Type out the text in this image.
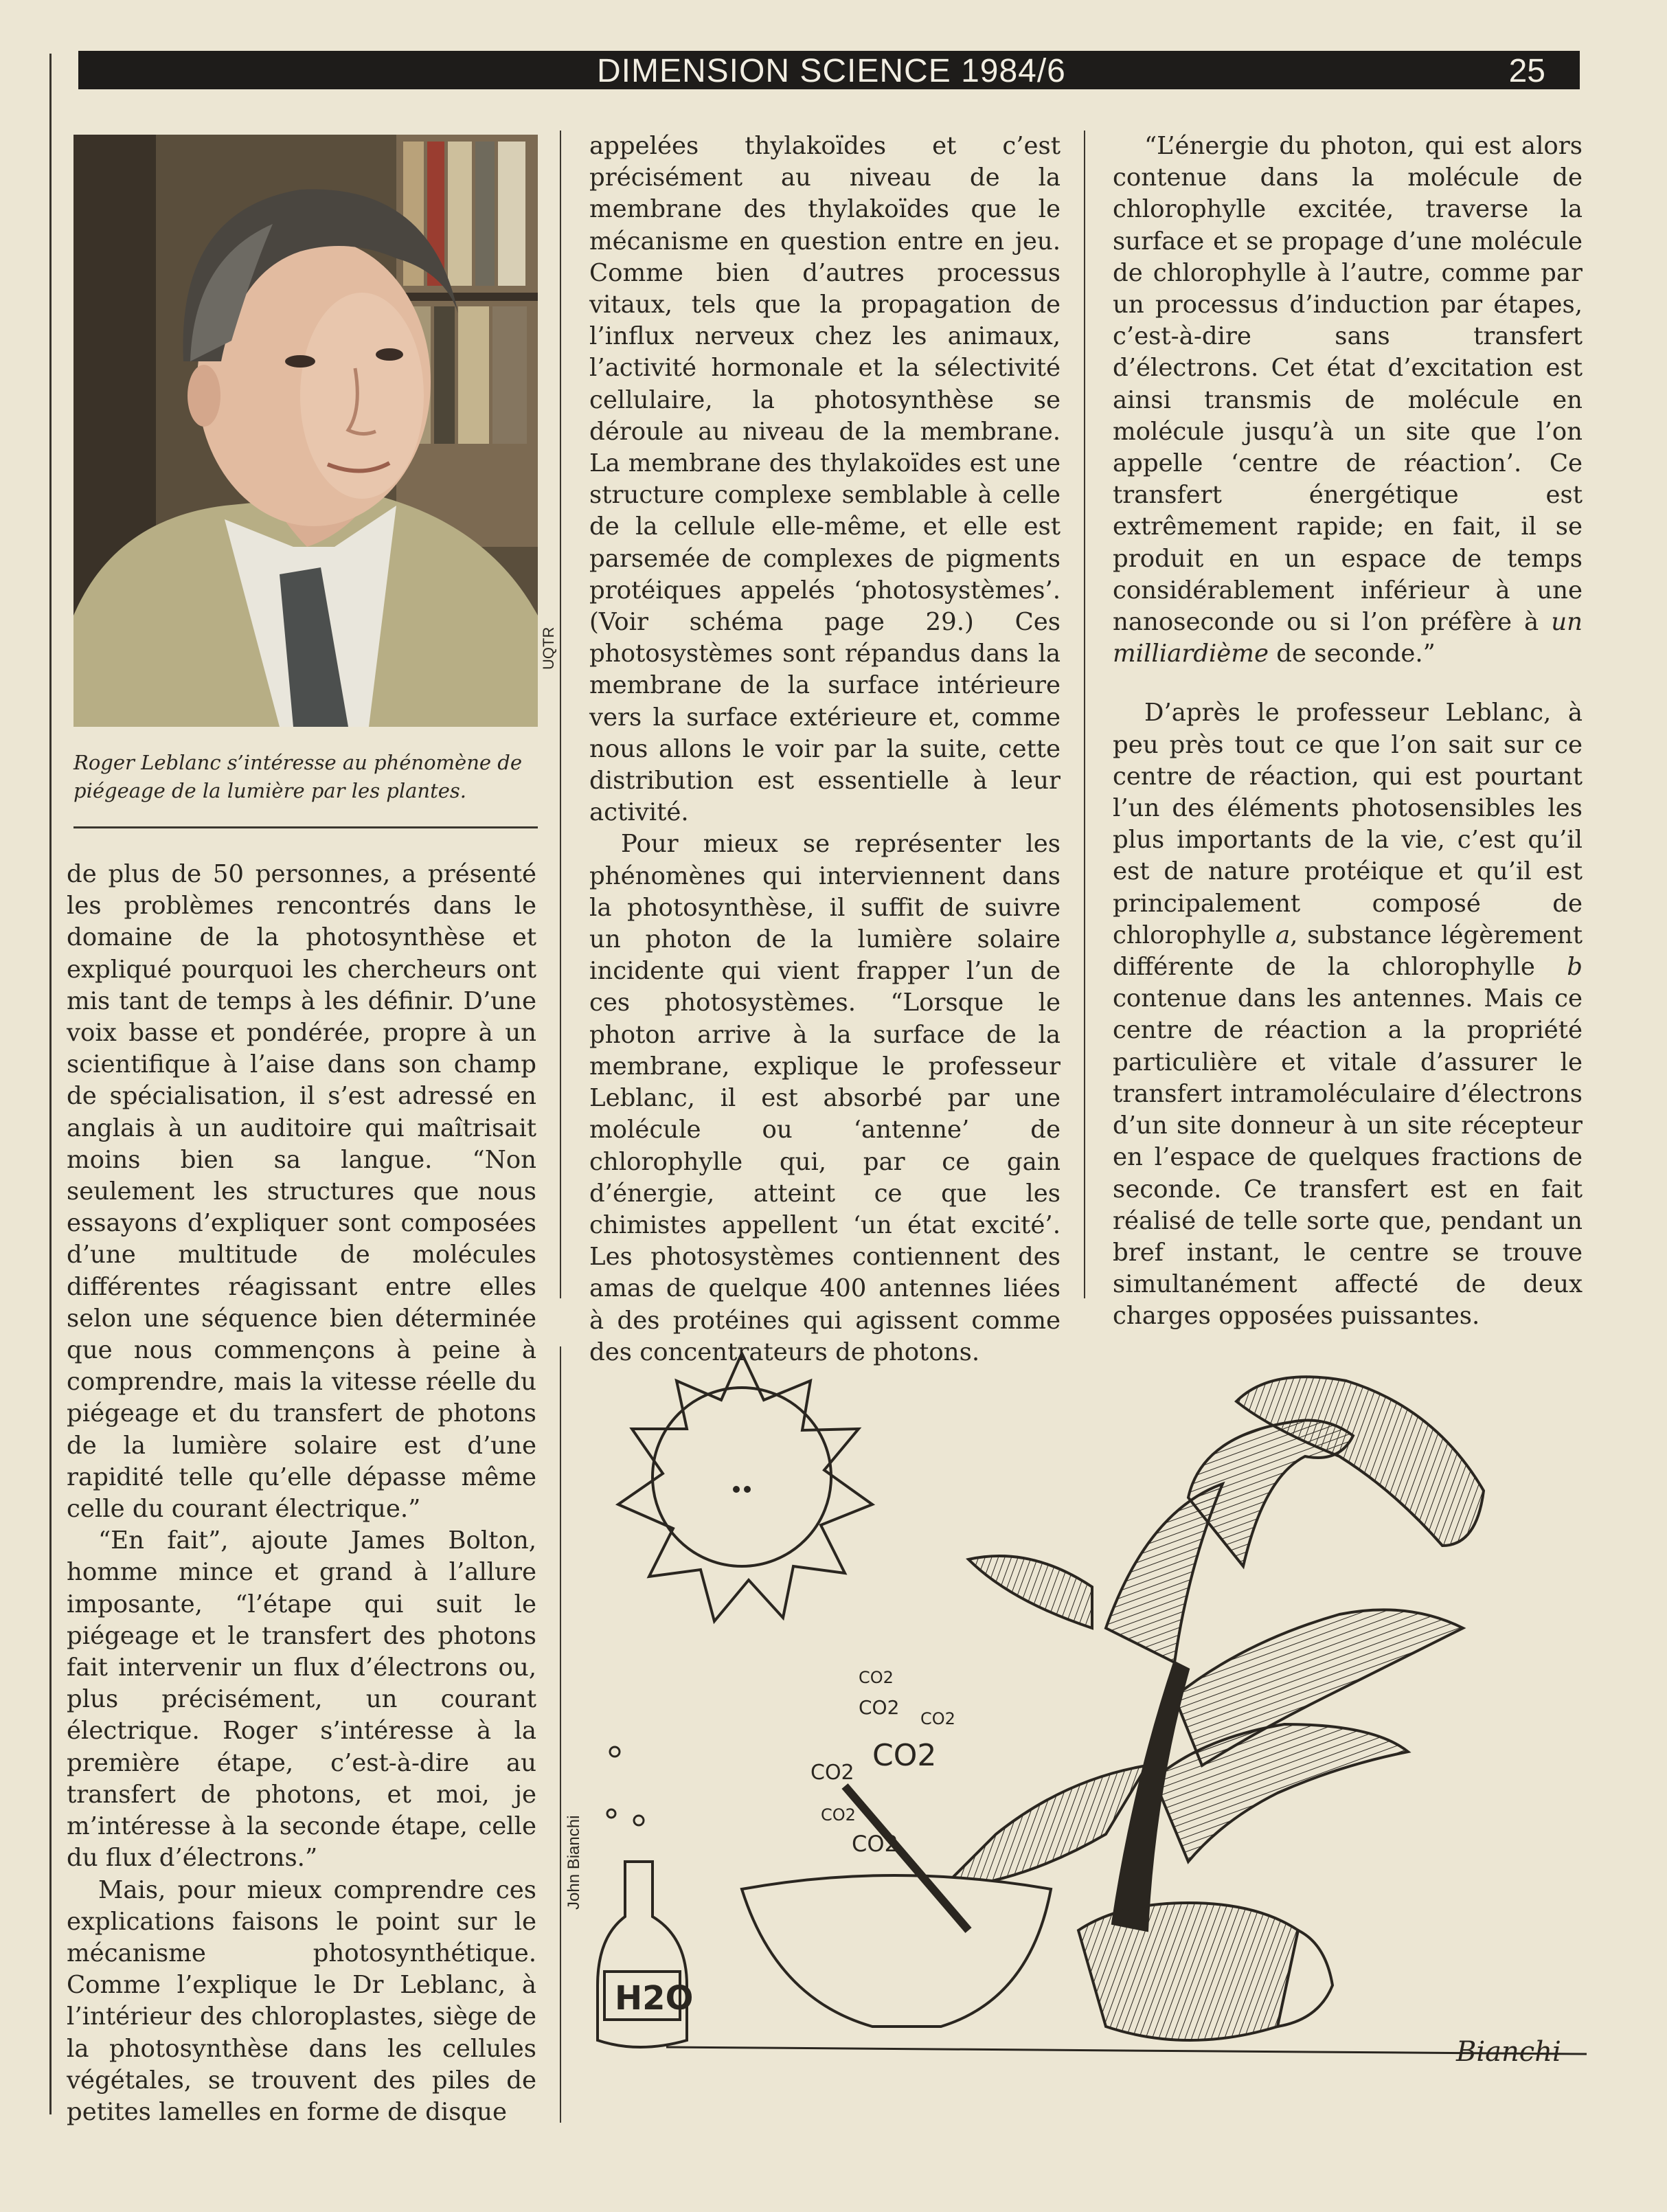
DIMENSION SCIENCE 1984/6	25
UQTR
Roger Leblanc s’intéresse au phénomène de piégeage de la lumière par les plantes.

de plus de 50 personnes, a présenté les problèmes rencontrés dans le domaine de la photosynthèse et expliqué pourquoi les chercheurs ont mis tant de temps à les définir. D’une voix basse et pondérée, propre à un scientifique à l’aise dans son champ de spécialisation, il s’est adressé en anglais à un auditoire qui maîtrisait moins bien sa langue. “Non seulement les structures que nous essayons d’expliquer sont composées d’une multitude de molécules différentes réagissant entre elles selon une séquence bien déterminée que nous commençons à peine à comprendre, mais la vitesse réelle du piégeage et du transfert de photons de la lumière solaire est d’une rapidité telle qu’elle dépasse même celle du courant électrique.”

“En fait”, ajoute James Bolton, homme mince et grand à l’allure imposante, “l’étape qui suit le piégeage et le transfert des photons fait intervenir un flux d’électrons ou, plus précisément, un courant électrique. Roger s’intéresse à la première étape, c’est-à-dire au transfert de photons, et moi, je m’intéresse à la seconde étape, celle du flux d’électrons.”

Mais, pour mieux comprendre ces explications faisons le point sur le mécanisme photosynthétique. Comme l’explique le Dr Leblanc, à l’intérieur des chloroplastes, siège de la photosynthèse dans les cellules végétales, se trouvent des piles de petites lamelles en forme de disque

appelées thylakoïdes et c’est précisément au niveau de la membrane des thylakoïdes que le mécanisme en question entre en jeu. Comme bien d’autres processus vitaux, tels que la propagation de l’influx nerveux chez les animaux, l’activité hormonale et la sélectivité cellulaire, la photosynthèse se déroule au niveau de la membrane. La membrane des thylakoïdes est une structure complexe semblable à celle de la cellule elle-même, et elle est parsemée de complexes de pigments protéiques appelés ‘photosystèmes’. (Voir schéma page 29.) Ces photosystèmes sont répandus dans la membrane de la surface intérieure vers la surface extérieure et, comme nous allons le voir par la suite, cette distribution est essentielle à leur activité.

Pour mieux se représenter les phénomènes qui interviennent dans la photosynthèse, il suffit de suivre un photon de la lumière solaire incidente qui vient frapper l’un de ces photosystèmes. “Lorsque le photon arrive à la surface de la membrane, explique le professeur Leblanc, il est absorbé par une molécule ou ‘antenne’ de chlorophylle qui, par ce gain d’énergie, atteint ce que les chimistes appellent ‘un état excité’. Les photosystèmes contiennent des amas de quelque 400 antennes liées à des protéines qui agissent comme des concentrateurs de photons.

“L’énergie du photon, qui est alors contenue dans la molécule de chlorophylle excitée, traverse la surface et se propage d’une molécule de chlorophylle à l’autre, comme par un processus d’induction par étapes, c’est-à-dire sans transfert d’électrons. Cet état d’excitation est ainsi transmis de molécule en molécule jusqu’à un site que l’on appelle ‘centre de réaction’. Ce transfert énergétique est extrêmement rapide; en fait, il se produit en un espace de temps considérablement inférieur à une nanoseconde ou si l’on préfère à un milliardième de seconde.”

D’après le professeur Leblanc, à peu près tout ce que l’on sait sur ce centre de réaction, qui est pourtant l’un des éléments photosensibles les plus importants de la vie, c’est qu’il est de nature protéique et qu’il est principalement composé de chlorophylle a, substance légèrement différente de la chlorophylle b contenue dans les antennes. Mais ce centre de réaction a la propriété particulière et vitale d’assurer le transfert intramoléculaire d’électrons d’un site donneur à un site récepteur en l’espace de quelques fractions de seconde. Ce transfert est en fait réalisé de telle sorte que, pendant un bref instant, le centre se trouve simultanément affecté de deux charges opposées puissantes.

John Bianchi
H2O
CO2 CO2
CO2
CO2
CO2
CO2
CO2
Bianchi
